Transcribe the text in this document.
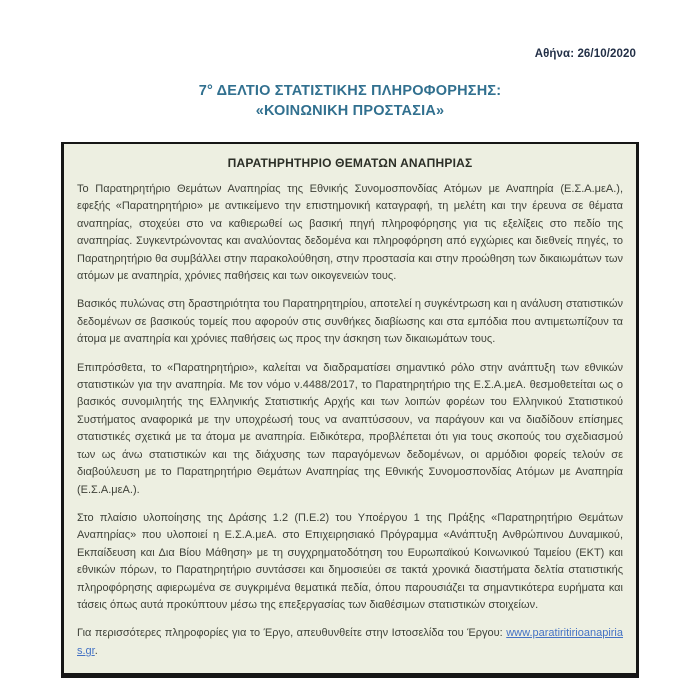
Αθήνα: 26/10/2020
7° ΔΕΛΤΙΟ ΣΤΑΤΙΣΤΙΚΗΣ ΠΛΗΡΟΦΟΡΗΣΗΣ:
«ΚΟΙΝΩΝΙΚΗ ΠΡΟΣΤΑΣΙΑ»
ΠΑΡΑΤΗΡΗΤΗΡΙΟ ΘΕΜΑΤΩΝ ΑΝΑΠΗΡΙΑΣ

Το Παρατηρητήριο Θεμάτων Αναπηρίας της Εθνικής Συνομοσπονδίας Ατόμων με Αναπηρία (Ε.Σ.Α.μεΑ.), εφεξής «Παρατηρητήριο» με αντικείμενο την επιστημονική καταγραφή, τη μελέτη και την έρευνα σε θέματα αναπηρίας, στοχεύει στο να καθιερωθεί ως βασική πηγή πληροφόρησης για τις εξελίξεις στο πεδίο της αναπηρίας. Συγκεντρώνοντας και αναλύοντας δεδομένα και πληροφόρηση από εγχώριες και διεθνείς πηγές, το Παρατηρητήριο θα συμβάλλει στην παρακολούθηση, στην προστασία και στην προώθηση των δικαιωμάτων των ατόμων με αναπηρία, χρόνιες παθήσεις και των οικογενειών τους.

Βασικός πυλώνας στη δραστηριότητα του Παρατηρητηρίου, αποτελεί η συγκέντρωση και η ανάλυση στατιστικών δεδομένων σε βασικούς τομείς που αφορούν στις συνθήκες διαβίωσης και στα εμπόδια που αντιμετωπίζουν τα άτομα με αναπηρία και χρόνιες παθήσεις ως προς την άσκηση των δικαιωμάτων τους.

Επιπρόσθετα, το «Παρατηρητήριο», καλείται να διαδραματίσει σημαντικό ρόλο στην ανάπτυξη των εθνικών στατιστικών για την αναπηρία. Με τον νόμο ν.4488/2017, το Παρατηρητήριο της Ε.Σ.Α.μεΑ. θεσμοθετείται ως ο βασικός συνομιλητής της Ελληνικής Στατιστικής Αρχής και των λοιπών φορέων του Ελληνικού Στατιστικού Συστήματος αναφορικά με την υποχρέωσή τους να αναπτύσσουν, να παράγουν και να διαδίδουν επίσημες στατιστικές σχετικά με τα άτομα με αναπηρία. Ειδικότερα, προβλέπεται ότι για τους σκοπούς του σχεδιασμού των ως άνω στατιστικών και της διάχυσης των παραγόμενων δεδομένων, οι αρμόδιοι φορείς τελούν σε διαβούλευση με το Παρατηρητήριο Θεμάτων Αναπηρίας της Εθνικής Συνομοσπονδίας Ατόμων με Αναπηρία (Ε.Σ.Α.μεΑ.).

Στο πλαίσιο υλοποίησης της Δράσης 1.2 (Π.Ε.2) του Υποέργου 1 της Πράξης «Παρατηρητήριο Θεμάτων Αναπηρίας» που υλοποιεί η Ε.Σ.Α.μεΑ. στο Επιχειρησιακό Πρόγραμμα «Ανάπτυξη Ανθρώπινου Δυναμικού, Εκπαίδευση και Δια Βίου Μάθηση» με τη συγχρηματοδότηση του Ευρωπαϊκού Κοινωνικού Ταμείου (ΕΚΤ) και εθνικών πόρων, το Παρατηρητήριο συντάσσει και δημοσιεύει σε τακτά χρονικά διαστήματα δελτία στατιστικής πληροφόρησης αφιερωμένα σε συγκριμένα θεματικά πεδία, όπου παρουσιάζει τα σημαντικότερα ευρήματα και τάσεις όπως αυτά προκύπτουν μέσω της επεξεργασίας των διαθέσιμων στατιστικών στοιχείων.

Για περισσότερες πληροφορίες για το Έργο, απευθυνθείτε στην Ιστοσελίδα του Έργου: www.paratiritirioanapirias.gr.
